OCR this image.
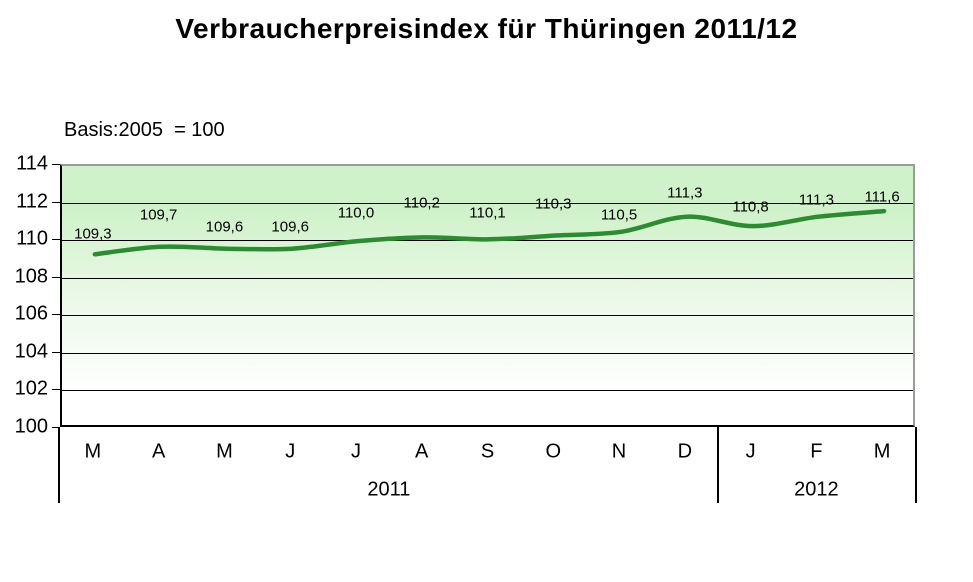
Verbraucherpreisindex für Thüringen 2011/12
Basis:2005  = 100
100
102
104
106
108
110
112
114
109,3
109,7
109,6 109,6
110,0
110,2
110,1
110,3
110,5
111,3
110,8 111,3 111,6
M	A	M	J	J	A	S	O	N	D	J	F	M
2011	2012
